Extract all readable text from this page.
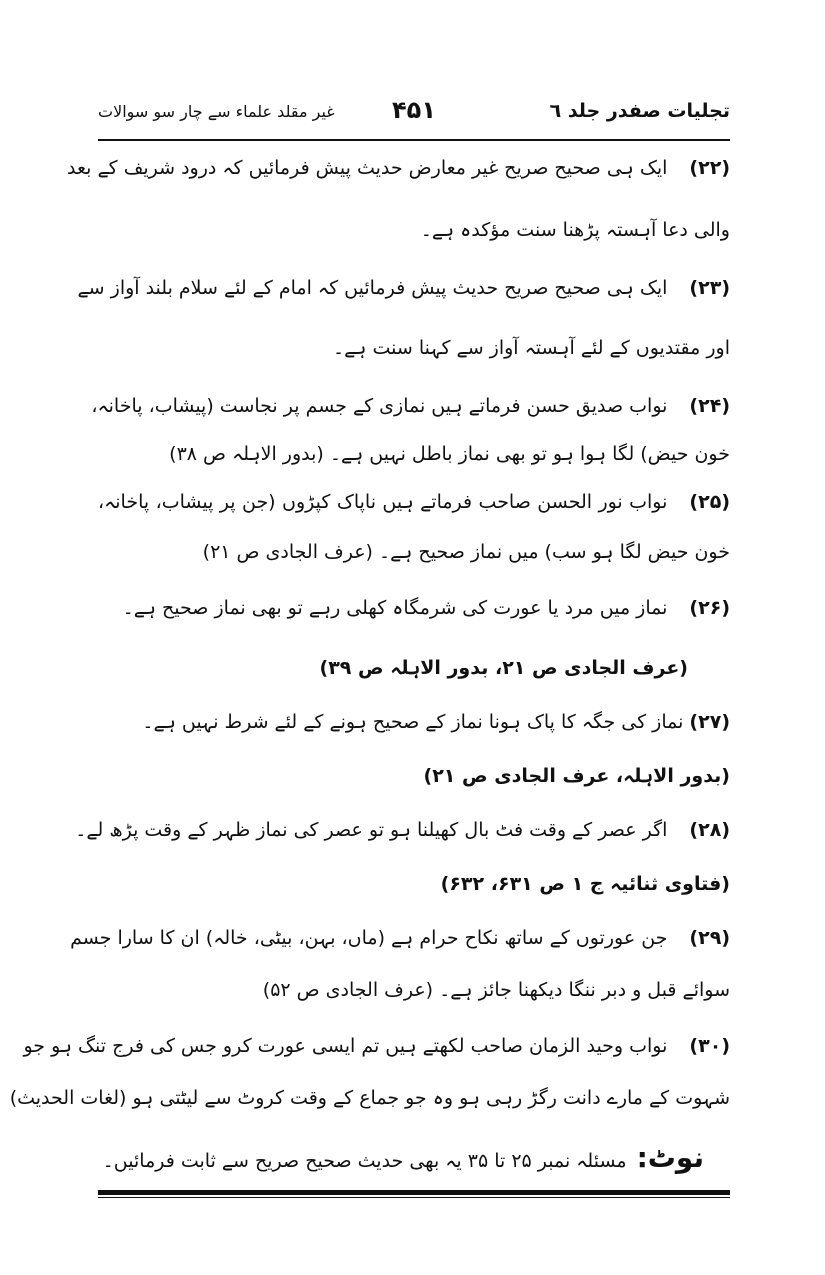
تجلیات صفدر جلد ٦
۴۵۱
غیر مقلد علماء سے چار سو سوالات
(۲۲)ایک ہی صحیح صریح غیر معارض حدیث پیش فرمائیں کہ درود شریف کے بعد
والی دعا آہستہ پڑھنا سنت مؤکدہ ہے۔
(۲۳)ایک ہی صحیح صریح حدیث پیش فرمائیں کہ امام کے لئے سلام بلند آواز سے
اور مقتدیوں کے لئے آہستہ آواز سے کہنا سنت ہے۔
(۲۴)نواب صدیق حسن فرماتے ہیں نمازی کے جسم پر نجاست (پیشاب، پاخانہ،
خون حیض) لگا ہوا ہو تو بھی نماز باطل نہیں ہے۔ (بدور الاہلہ ص ۳۸)
(۲۵)نواب نور الحسن صاحب فرماتے ہیں ناپاک کپڑوں (جن پر پیشاب، پاخانہ،
خون حیض لگا ہو سب) میں نماز صحیح ہے۔ (عرف الجادی ص ۲۱)
(۲۶)نماز میں مرد یا عورت کی شرمگاہ کھلی رہے تو بھی نماز صحیح ہے۔
(عرف الجادی ص ۲۱، بدور الاہلہ ص ۳۹)
(۲۷)نماز کی جگہ کا پاک ہونا نماز کے صحیح ہونے کے لئے شرط نہیں ہے۔
(بدور الاہلہ، عرف الجادی ص ۲۱)
(۲۸)اگر عصر کے وقت فٹ بال کھیلنا ہو تو عصر کی نماز ظہر کے وقت پڑھ لے۔
(فتاوی ثنائیہ ج ۱ ص ۶۳۱، ۶۳۲)
(۲۹)جن عورتوں کے ساتھ نکاح حرام ہے (ماں، بہن، بیٹی، خالہ) ان کا سارا جسم
سوائے قبل و دبر ننگا دیکھنا جائز ہے۔ (عرف الجادی ص ۵۲)
(۳۰)نواب وحید الزمان صاحب لکھتے ہیں تم ایسی عورت کرو جس کی فرج تنگ ہو جو
شہوت کے مارے دانت رگڑ رہی ہو وہ جو جماع کے وقت کروٹ سے لیٹتی ہو (لغات الحدیث)
نوٹ:مسئلہ نمبر ۲۵ تا ۳۵ یہ بھی حدیث صحیح صریح سے ثابت فرمائیں۔
